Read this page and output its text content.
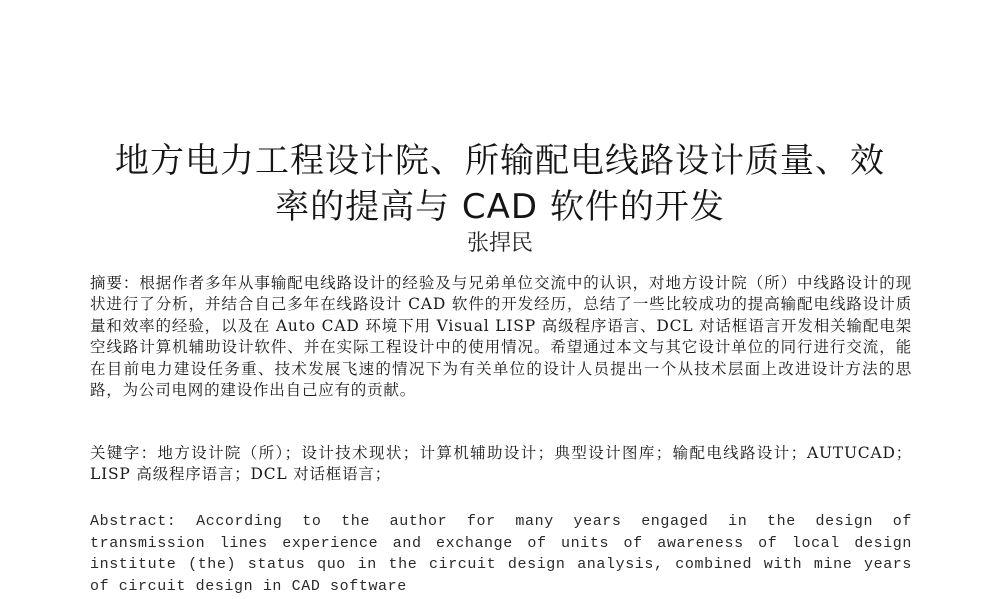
地方电力工程设计院、所输配电线路设计质量、效
率的提高与 CAD 软件的开发
张捍民
摘要：根据作者多年从事输配电线路设计的经验及与兄弟单位交流中的认识，对地方设计院（所）中线路设计的现状进行了分析，并结合自己多年在线路设计 CAD 软件的开发经历，总结了一些比较成功的提高输配电线路设计质量和效率的经验，以及在 Auto CAD 环境下用 Visual LISP 高级程序语言、DCL 对话框语言开发相关输配电架空线路计算机辅助设计软件、并在实际工程设计中的使用情况。希望通过本文与其它设计单位的同行进行交流，能在目前电力建设任务重、技术发展飞速的情况下为有关单位的设计人员提出一个从技术层面上改进设计方法的思路，为公司电网的建设作出自己应有的贡献。
关键字：地方设计院（所）；设计技术现状；计算机辅助设计；典型设计图库；输配电线路设计；AUTUCAD；LISP 高级程序语言；DCL 对话框语言；
Abstract: According to the author for many years engaged in the design of transmission lines experience and exchange of units of awareness of local design institute (the) status quo in the circuit design analysis, combined with mine years of circuit design in CAD software
